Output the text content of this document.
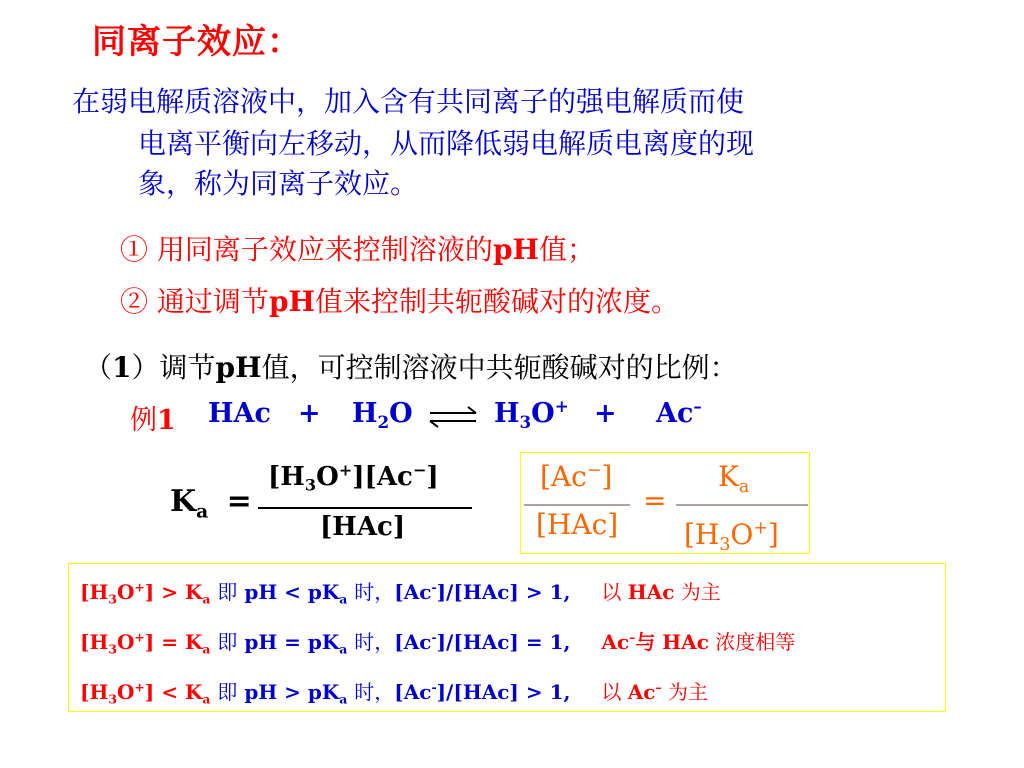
同离子效应：
在弱电解质溶液中，加入含有共同离子的强电解质而使
电离平衡向左移动，从而降低弱电解质电离度的现
象，称为同离子效应。
① 用同离子效应来控制溶液的pH值；
② 通过调节pH值来控制共轭酸碱对的浓度。
（1）调节pH值，可控制溶液中共轭酸碱对的比例：
例1 HAc + $H_2O$	$H_3O^+ + Ac^-$
$K_a$ =
$[H_3O^+][Ac^-]$
[HAc]
[Ac−]
[HAc]
=
$K_a$
$[H_3O^+]$
$[H_3O^+] > K_a$ 即 pH < $pK_a$ 时，[Ac-]/[HAc] > 1, 以 HAc 为主
$[H_3O^+] = K_a$ 即 pH = $pK_a$ 时，[Ac-]/[HAc] = 1, Ac–与 HAc 浓度相等
$[H_3O^+] < K_a$ 即 pH > $pK_a$ 时，[Ac-]/[HAc] > 1, 以 Ac– 为主
